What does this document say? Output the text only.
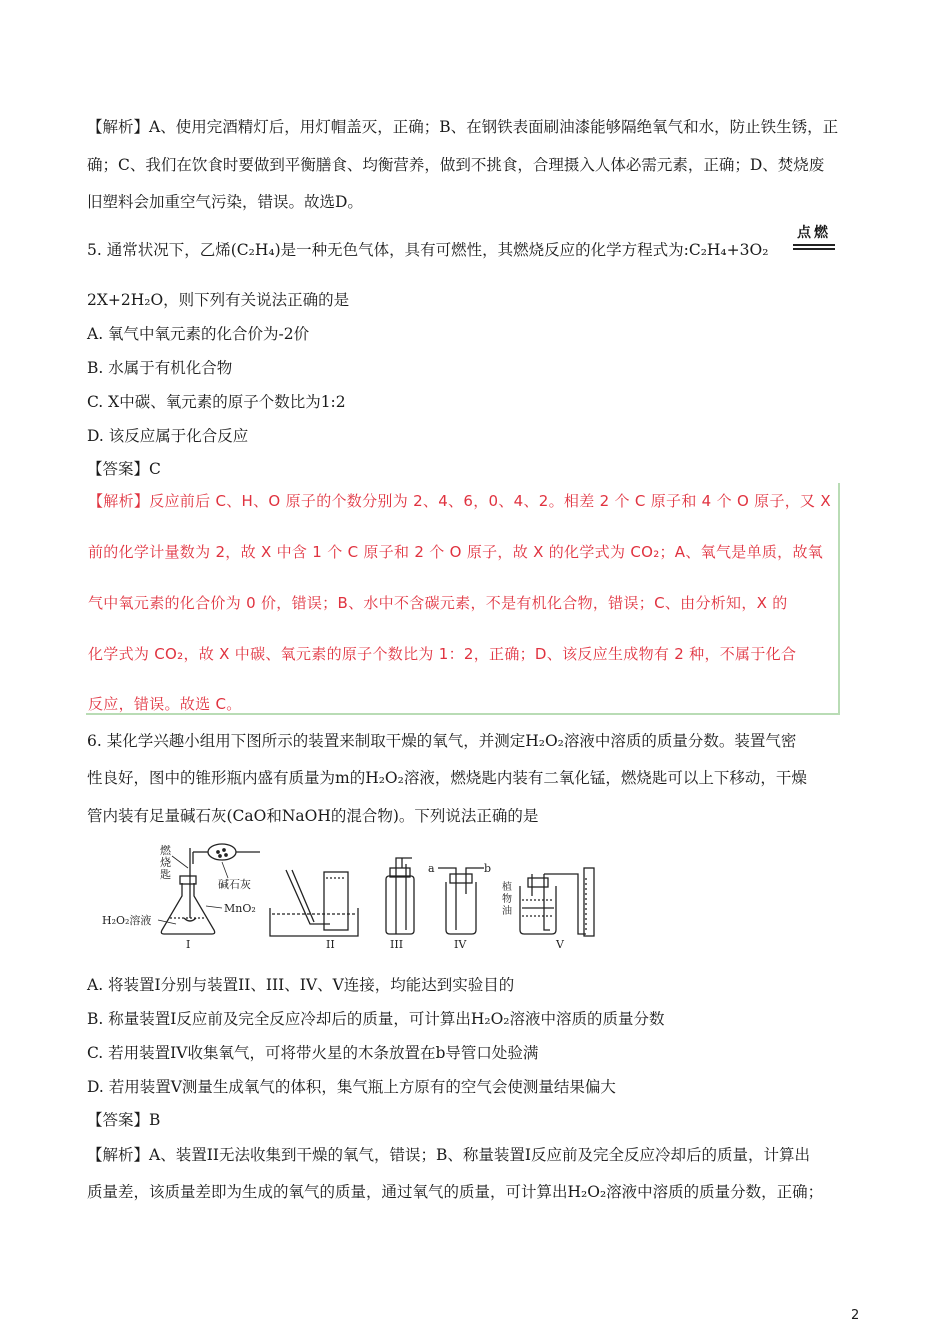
【解析】A、使用完酒精灯后，用灯帽盖灭，正确；B、在钢铁表面刷油漆能够隔绝氧气和水，防止铁生锈，正
确；C、我们在饮食时要做到平衡膳食、均衡营养，做到不挑食，合理摄入人体必需元素，正确；D、焚烧废
旧塑料会加重空气污染，错误。故选D。
5. 通常状况下，乙烯(C₂H₄)是一种无色气体，具有可燃性，其燃烧反应的化学方程式为:C₂H₄+3O₂
点燃
2X+2H₂O，则下列有关说法正确的是
A. 氧气中氧元素的化合价为-2价
B. 水属于有机化合物
C. X中碳、氧元素的原子个数比为1:2
D. 该反应属于化合反应
【答案】C
【解析】反应前后 C、H、O 原子的个数分别为 2、4、6，0、4、2。相差 2 个 C 原子和 4 个 O 原子，又 X
前的化学计量数为 2，故 X 中含 1 个 C 原子和 2 个 O 原子，故 X 的化学式为 CO₂；A、氧气是单质，故氧
气中氧元素的化合价为 0 价，错误；B、水中不含碳元素，不是有机化合物，错误；C、由分析知，X 的
化学式为 CO₂，故 X 中碳、氧元素的原子个数比为 1：2，正确；D、该反应生成物有 2 种，不属于化合
反应，错误。故选 C。
6. 某化学兴趣小组用下图所示的装置来制取干燥的氧气，并测定H₂O₂溶液中溶质的质量分数。装置气密
性良好，图中的锥形瓶内盛有质量为m的H₂O₂溶液，燃烧匙内装有二氧化锰，燃烧匙可以上下移动，干燥
管内装有足量碱石灰(CaO和NaOH的混合物)。下列说法正确的是
燃
烧
匙
碱石灰
MnO₂
H₂O₂溶液
I	II	III
a	b
IV
植
物
油
V
A. 将装置I分别与装置II、III、IV、V连接，均能达到实验目的
B. 称量装置I反应前及完全反应冷却后的质量，可计算出H₂O₂溶液中溶质的质量分数
C. 若用装置IV收集氧气，可将带火星的木条放置在b导管口处验满
D. 若用装置V测量生成氧气的体积，集气瓶上方原有的空气会使测量结果偏大
【答案】B
【解析】A、装置II无法收集到干燥的氧气，错误；B、称量装置I反应前及完全反应冷却后的质量，计算出
质量差，该质量差即为生成的氧气的质量，通过氧气的质量，可计算出H₂O₂溶液中溶质的质量分数，正确；
2
